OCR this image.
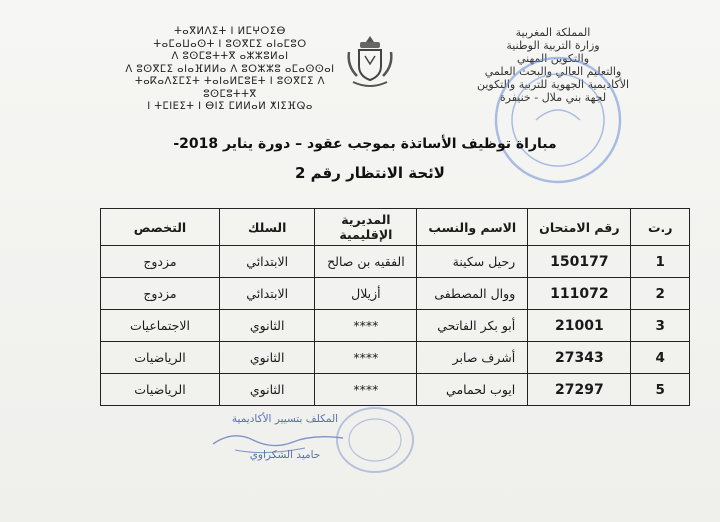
ⵜⴰⴳⵍⴷⵉⵜ ⵏ ⵍⵎⵖⵔⵉⴱ
ⵜⴰⵎⴰⵡⴰⵙⵜ ⵏ ⵓⵙⴳⵎⵉ ⴰⵏⴰⵎⵓⵔ
ⴷ ⵓⵙⵎⵓⵜⵜⴳ ⴰⵣⵣⵓⵍⴰⵏ
ⴷ ⵓⵙⴳⵎⵉ ⴰⵏⴰⴼⵍⵍⴰ ⴷ ⵓⵔⵣⵣⵓ ⴰⵎⴰⵙⵙⴰⵏ
ⵜⴰⴽⴰⴷⵉⵎⵉⵜ ⵜⴰⵏⴰⵍⵎⵓⴹⵜ ⵏ ⵓⵙⴳⵎⵉ ⴷ ⵓⵙⵎⵓⵜⵜⴳ
ⵏ ⵜⵎⵏⴹⵉⵜ ⵏ ⴱⵏⵉ ⵎⵍⵍⴰⵍ ⵅⵏⵉⴼⵕⴰ
المملكة المغربية
وزارة التربية الوطنية
والتكوين المهني
والتعليم العالي والبحث العلمي
الأكاديمية الجهوية للتربية والتكوين
لجهة بني ملال - خنيفرة
مباراة توظيف الأساتذة بموجب عقود – دورة يناير 2018-
لائحة الانتظار رقم 2
ر.ت	رقم الامتحان	الاسم والنسب	المديرية الإقليمية	السلك	التخصص
1	150177	رحيل سكينة	الفقيه بن صالح	الابتدائي	مزدوج
2	111072	ووال المصطفى	أزيلال	الابتدائي	مزدوج
3	21001	أبو بكر الفاتحي	****	الثانوي	الاجتماعيات
4	27343	أشرف صابر	****	الثانوي	الرياضيات
5	27297	ايوب لحمامي	****	الثانوي	الرياضيات
المكلف بتسيير الأكاديمية
حاميد الشكراوي
